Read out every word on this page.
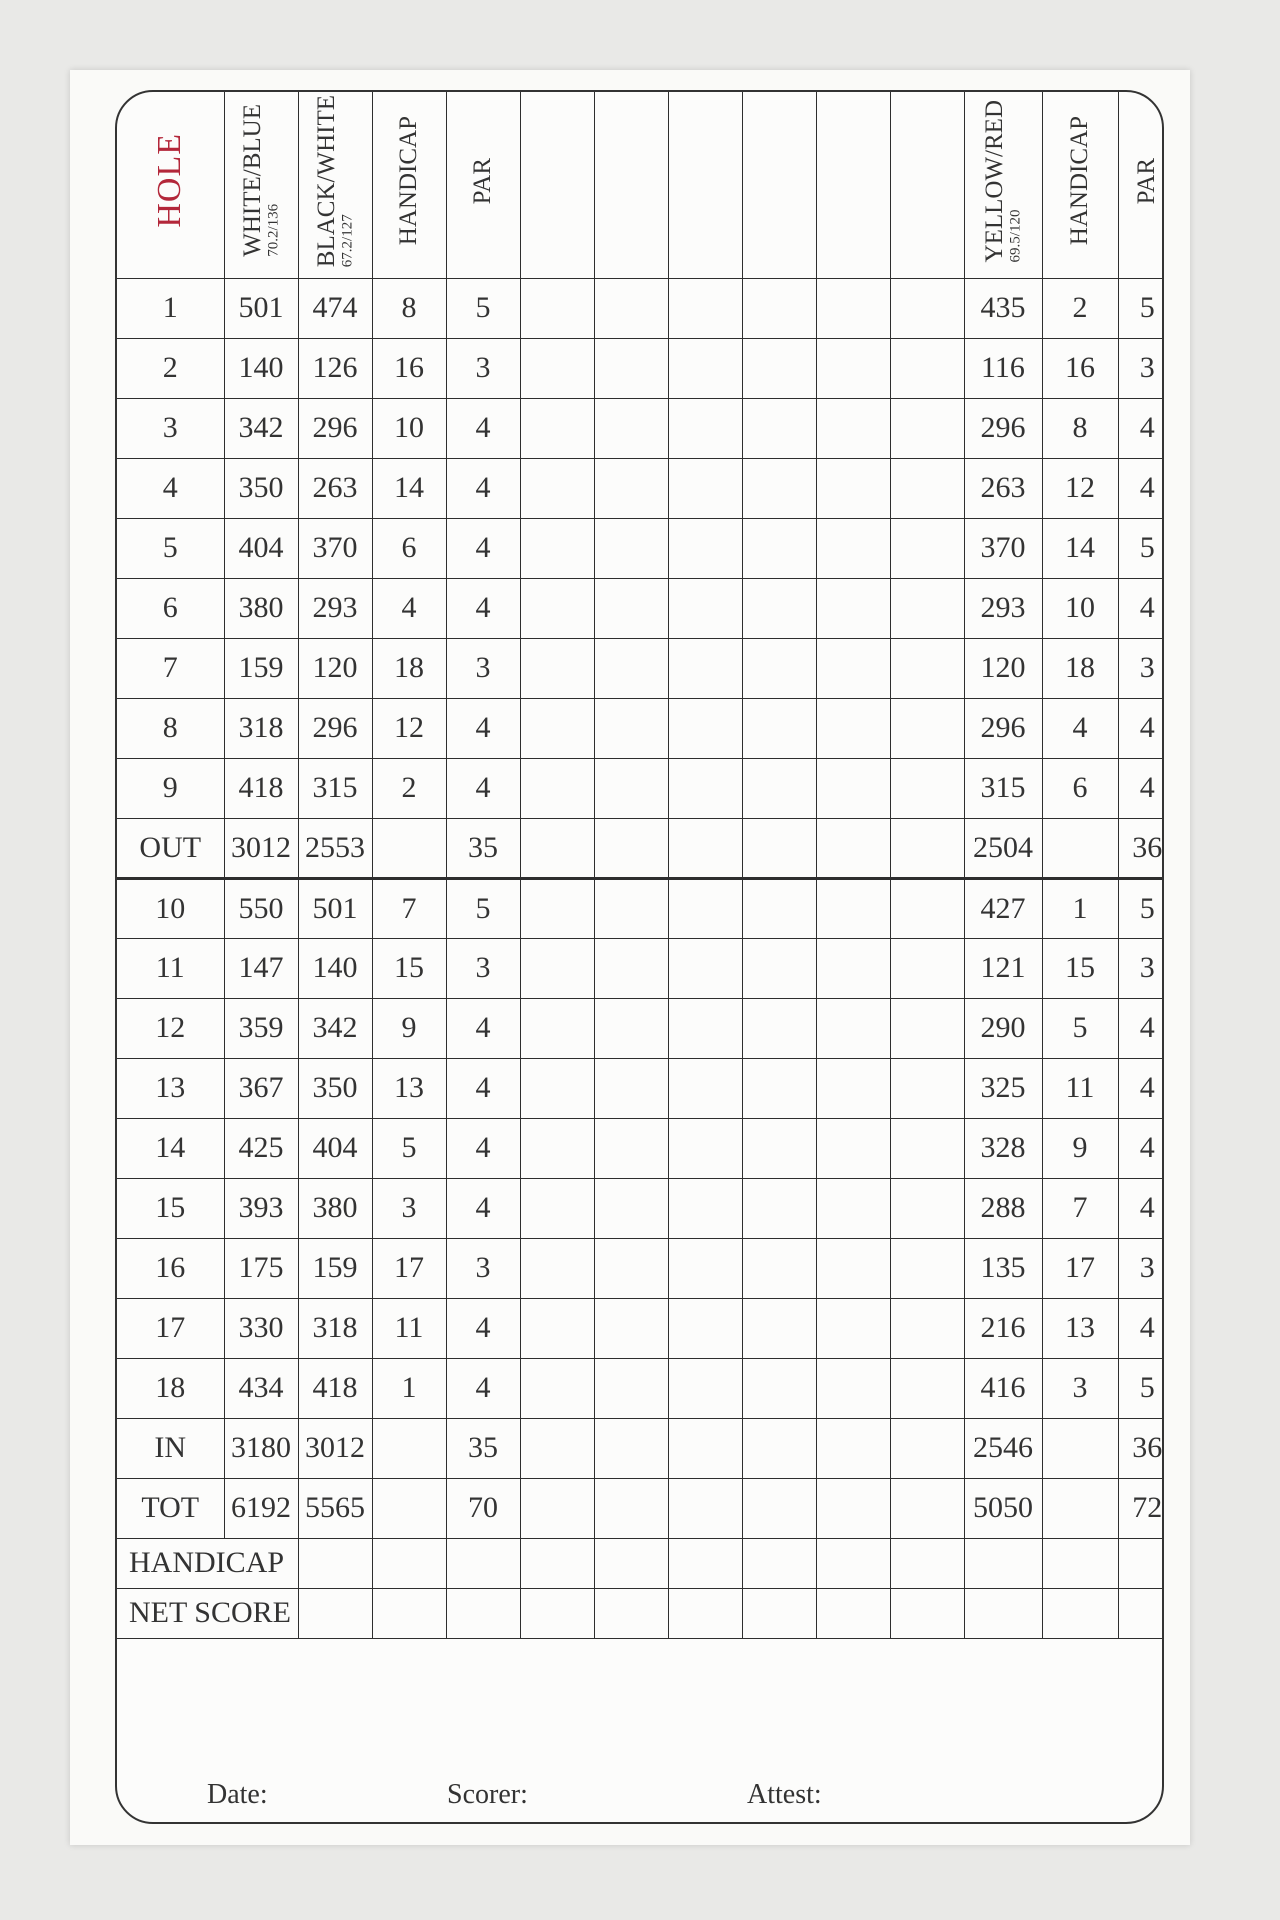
HOLE	WHITE/BLUE 70.2/136	BLACK/WHITE 67.2/127	HANDICAP	PAR							YELLOW/RED 69.5/120	HANDICAP	PAR
1	501	474	8	5							435	2	5
2	140	126	16	3							116	16	3
3	342	296	10	4							296	8	4
4	350	263	14	4							263	12	4
5	404	370	6	4							370	14	5
6	380	293	4	4							293	10	4
7	159	120	18	3							120	18	3
8	318	296	12	4							296	4	4
9	418	315	2	4							315	6	4
OUT	3012	2553		35							2504		36
10	550	501	7	5							427	1	5
11	147	140	15	3							121	15	3
12	359	342	9	4							290	5	4
13	367	350	13	4							325	11	4
14	425	404	5	4							328	9	4
15	393	380	3	4							288	7	4
16	175	159	17	3							135	17	3
17	330	318	11	4							216	13	4
18	434	418	1	4							416	3	5
IN	3180	3012		35							2546		36
TOT	6192	5565		70							5050		72
HANDICAP													
NET SCORE													
Date:	Scorer:	Attest:
